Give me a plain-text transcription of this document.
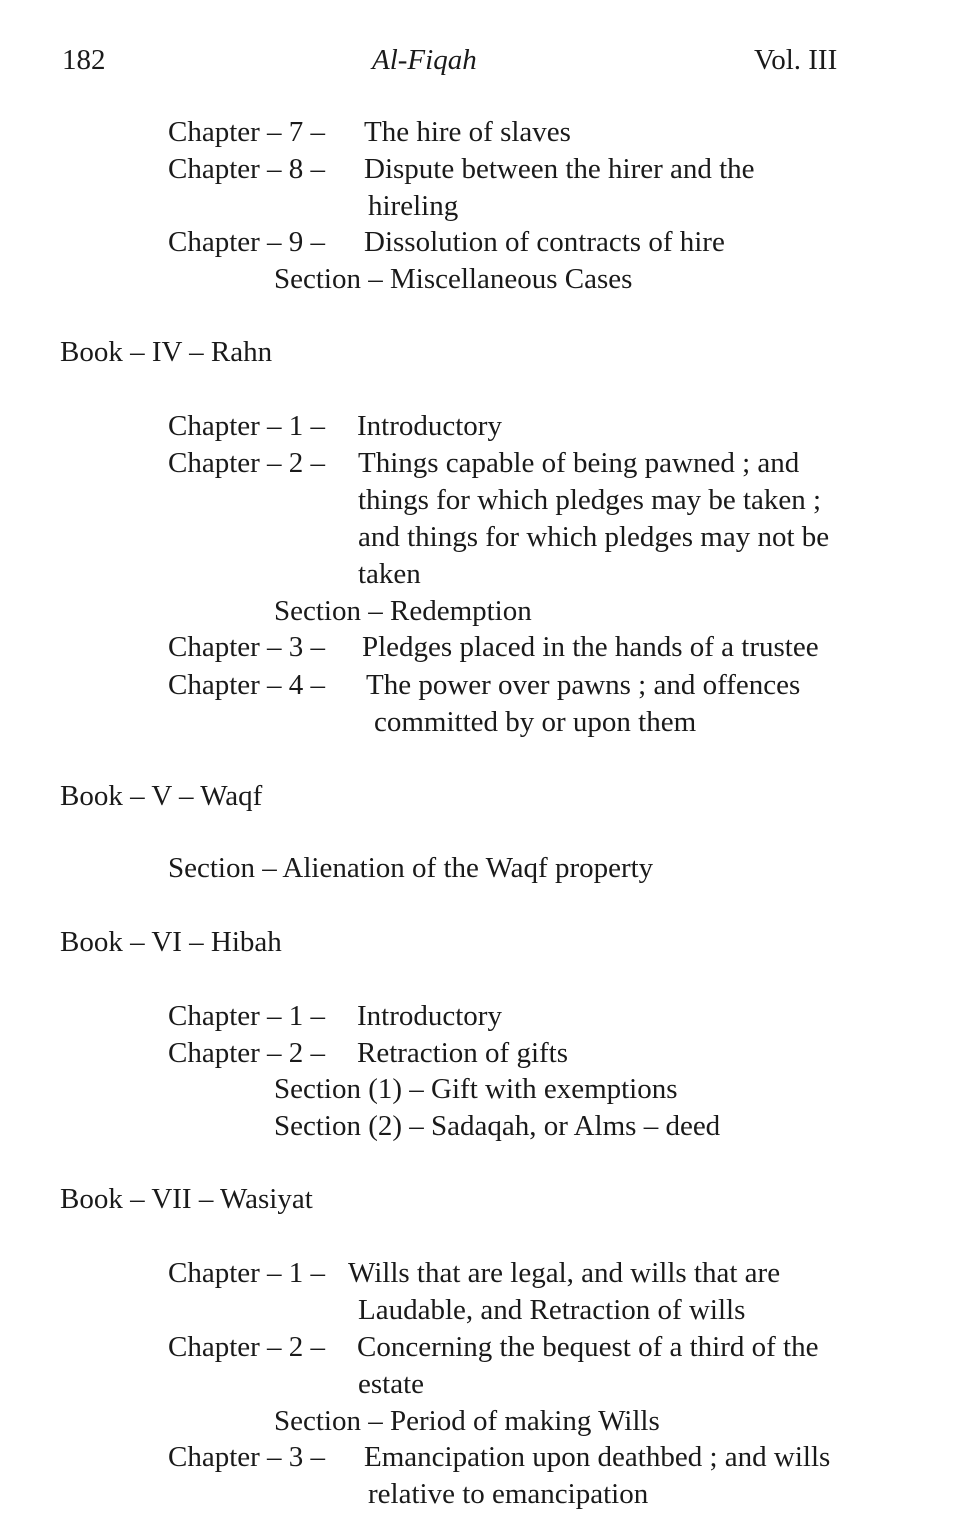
182	Al-Fiqah	Vol. III
Chapter – 7 – The hire of slaves
Chapter – 8 – Dispute between the hirer and the
hireling
Chapter – 9 – Dissolution of contracts of hire
Section – Miscellaneous Cases
Book – IV – Rahn
Chapter – 1 – Introductory
Chapter – 2 – Things capable of being pawned ; and
things for which pledges may be taken ;
and things for which pledges may not be
taken
Section – Redemption
Chapter – 3 – Pledges placed in the hands of a trustee
Chapter – 4 – The power over pawns ; and offences
committed by or upon them
Book – V – Waqf
Section – Alienation of the Waqf property
Book – VI – Hibah
Chapter – 1 – Introductory
Chapter – 2 – Retraction of gifts
Section (1) – Gift with exemptions
Section (2) – Sadaqah, or Alms – deed
Book – VII – Wasiyat
Chapter – 1 – Wills that are legal, and wills that are
Laudable, and Retraction of wills
Chapter – 2 – Concerning the bequest of a third of the
estate
Section – Period of making Wills
Chapter – 3 – Emancipation upon deathbed ; and wills
relative to emancipation
